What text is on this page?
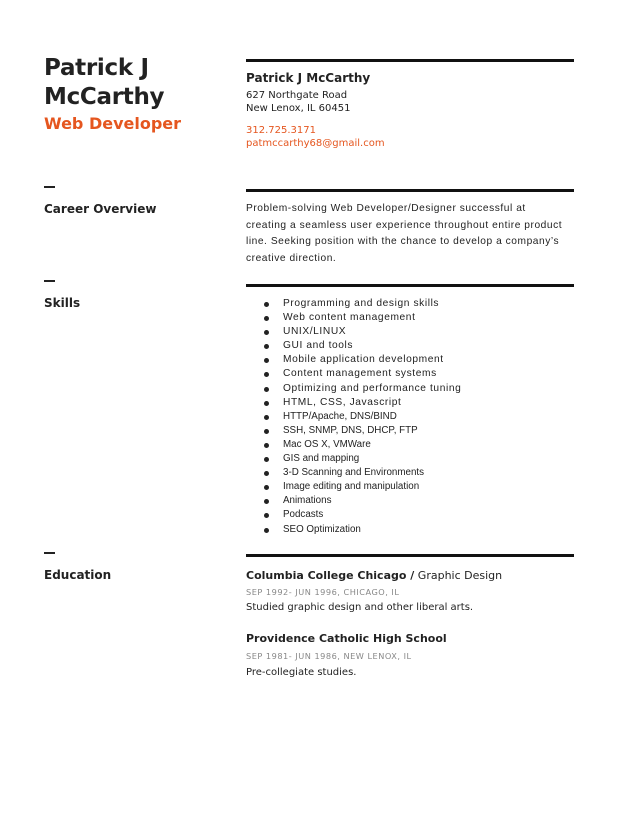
Patrick J
McCarthy
Web Developer
Patrick J McCarthy
627 Northgate Road
New Lenox, IL 60451
312.725.3171
patmccarthy68@gmail.com
Career Overview	Problem-solving Web Developer/Designer successful at
creating a seamless user experience throughout entire product
line. Seeking position with the chance to develop a company’s
creative direction.
Skills	Programming and design skills
Web content management
UNIX/LINUX
GUI and tools
Mobile application development
Content management systems
Optimizing and performance tuning
HTML, CSS, Javascript
HTTP/Apache, DNS/BIND
SSH, SNMP, DNS, DHCP, FTP
Mac OS X, VMWare
GIS and mapping
3-D Scanning and Environments
Image editing and manipulation
Animations
Podcasts
SEO Optimization
Education	Columbia College Chicago / Graphic Design
SEP 1992- JUN 1996, CHICAGO, IL
Studied graphic design and other liberal arts.
Providence Catholic High School
SEP 1981- JUN 1986, NEW LENOX, IL
Pre-collegiate studies.
